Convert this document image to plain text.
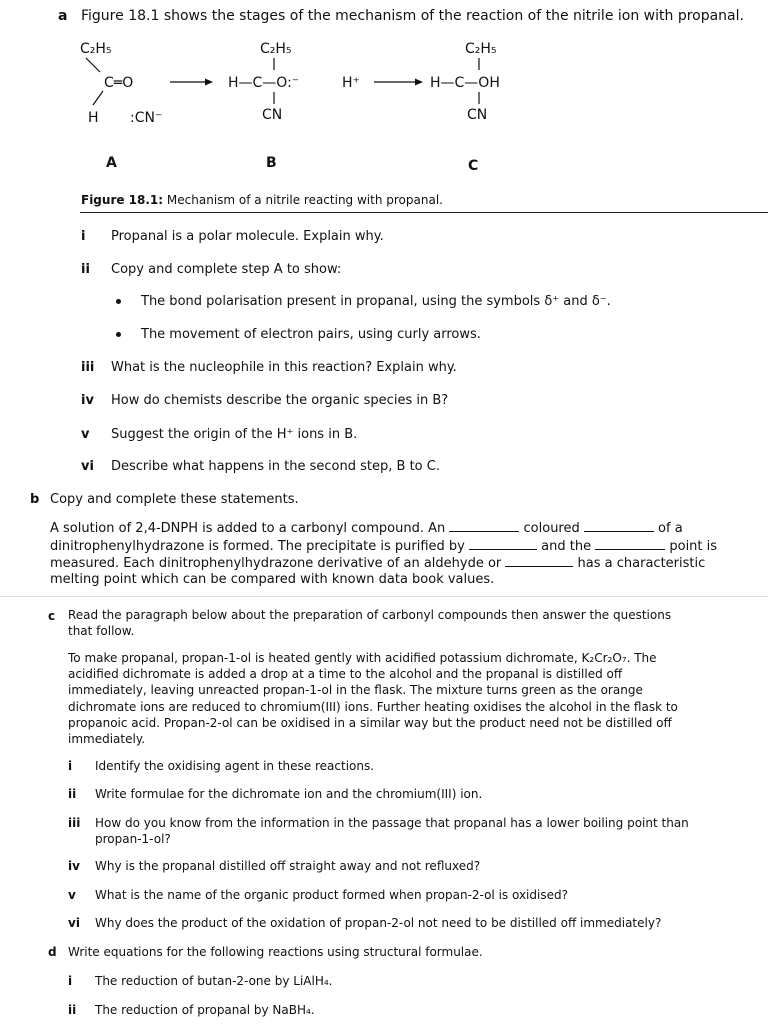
a Figure 18.1 shows the stages of the mechanism of the reaction of the nitrile ion with propanal.
C₂H₅
C═O
H :CN⁻
C₂H₅
H—C—O:⁻
CN
H⁺
C₂H₅
H—C—OH
CN
A	B	C
Figure 18.1: Mechanism of a nitrile reacting with propanal.
i Propanal is a polar molecule. Explain why.
ii Copy and complete step A to show:
The bond polarisation present in propanal, using the symbols δ⁺ and δ⁻.
The movement of electron pairs, using curly arrows.
iii What is the nucleophile in this reaction? Explain why.
iv How do chemists describe the organic species in B?
v Suggest the origin of the H⁺ ions in B.
vi Describe what happens in the second step, B to C.
b Copy and complete these statements.
A solution of 2,4-DNPH is added to a carbonyl compound. An	coloured	of a
dinitrophenylhydrazone is formed. The precipitate is purified by	and the	point is
measured. Each dinitrophenylhydrazone derivative of an aldehyde or	has a characteristic
melting point which can be compared with known data book values.
c Read the paragraph below about the preparation of carbonyl compounds then answer the questions
that follow.
To make propanal, propan-1-ol is heated gently with acidified potassium dichromate, K₂Cr₂O₇. The
acidified dichromate is added a drop at a time to the alcohol and the propanal is distilled off
immediately, leaving unreacted propan-1-ol in the flask. The mixture turns green as the orange
dichromate ions are reduced to chromium(III) ions. Further heating oxidises the alcohol in the flask to
propanoic acid. Propan-2-ol can be oxidised in a similar way but the product need not be distilled off
immediately.
i Identify the oxidising agent in these reactions.
ii Write formulae for the dichromate ion and the chromium(III) ion.
iii How do you know from the information in the passage that propanal has a lower boiling point than
propan-1-ol?
iv Why is the propanal distilled off straight away and not refluxed?
v What is the name of the organic product formed when propan-2-ol is oxidised?
vi Why does the product of the oxidation of propan-2-ol not need to be distilled off immediately?
d Write equations for the following reactions using structural formulae.
i The reduction of butan-2-one by LiAlH₄.
ii The reduction of propanal by NaBH₄.
